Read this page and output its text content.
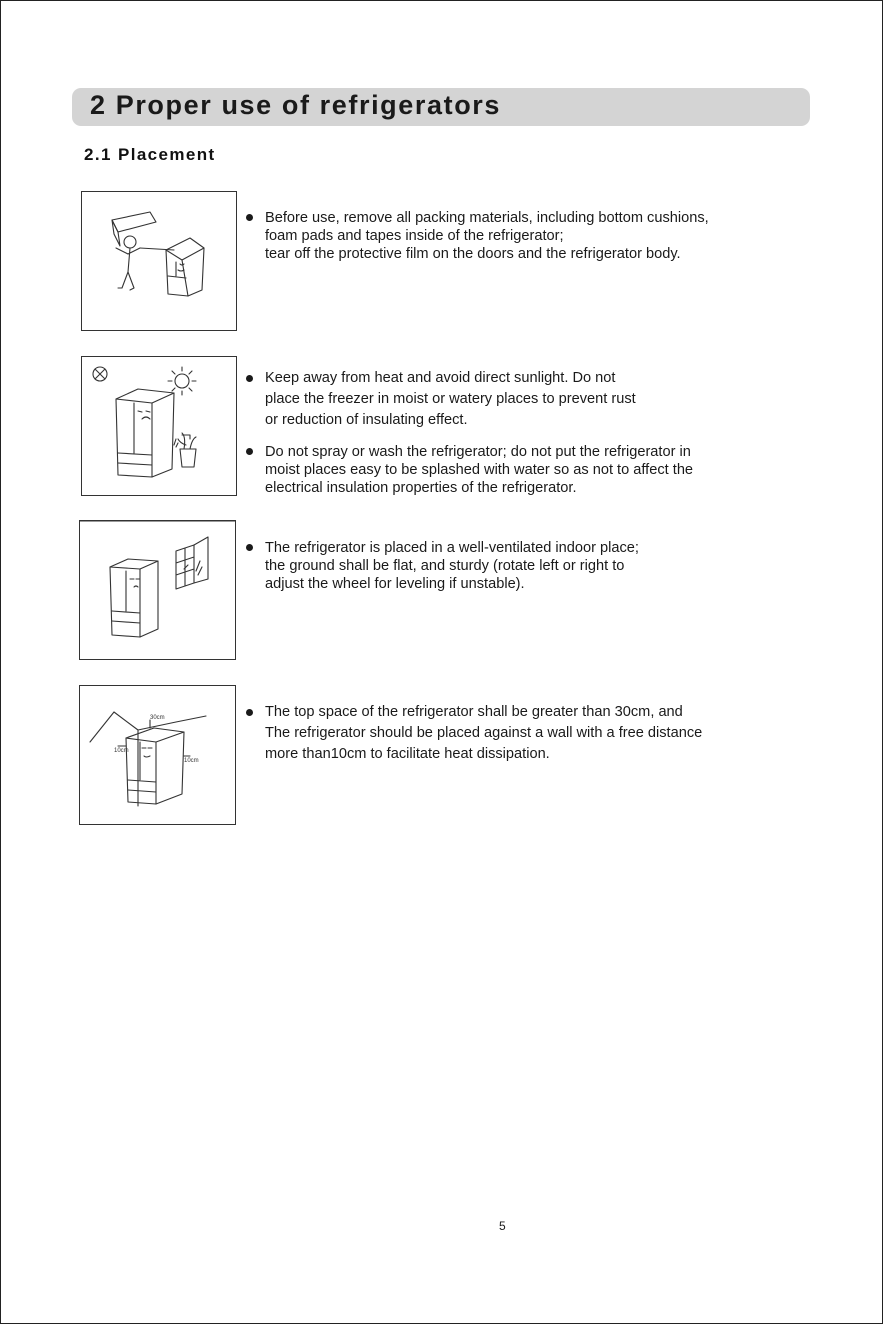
2 Proper use of refrigerators
2.1 Placement
30cm
10cm
10cm
Before use, remove all packing materials, including bottom cushions,
foam pads and tapes inside of the refrigerator;
tear off the protective film on the doors and the refrigerator body.
Keep away from heat and avoid direct sunlight. Do not
place the freezer in moist or watery places to prevent rust
or reduction of insulating effect.
Do not spray or wash the refrigerator; do not put the refrigerator in
moist places easy to be splashed with water so as not to affect the
electrical insulation properties of the refrigerator.
The refrigerator is placed in a well-ventilated indoor place;
the ground shall be flat, and sturdy (rotate left or right to
adjust the wheel for leveling if unstable).
The top space of the refrigerator shall be greater than 30cm, and
The refrigerator should be placed against a wall with a free distance
more than10cm to facilitate heat dissipation.
5
